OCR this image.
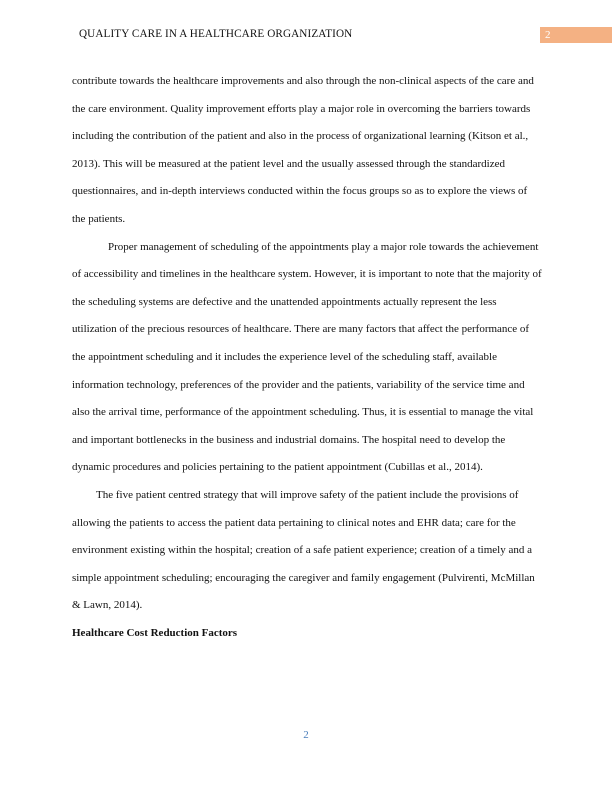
QUALITY CARE IN A HEALTHCARE ORGANIZATION	2

contribute towards the healthcare improvements and also through the non-clinical aspects of the care and the care environment. Quality improvement efforts play a major role in overcoming the barriers towards including the contribution of the patient and also in the process of organizational learning (Kitson et al., 2013). This will be measured at the patient level and the usually assessed through the standardized questionnaires, and in-depth interviews conducted within the focus groups so as to explore the views of the patients.

Proper management of scheduling of the appointments play a major role towards the achievement of accessibility and timelines in the healthcare system. However, it is important to note that the majority of the scheduling systems are defective and the unattended appointments actually represent the less utilization of the precious resources of healthcare. There are many factors that affect the performance of the appointment scheduling and it includes the experience level of the scheduling staff, available information technology, preferences of the provider and the patients, variability of the service time and also the arrival time, performance of the appointment scheduling. Thus, it is essential to manage the vital and important bottlenecks in the business and industrial domains. The hospital need to develop the dynamic procedures and policies pertaining to the patient appointment (Cubillas et al., 2014).

The five patient centred strategy that will improve safety of the patient include the provisions of allowing the patients to access the patient data pertaining to clinical notes and EHR data; care for the environment existing within the hospital; creation of a safe patient experience; creation of a timely and a simple appointment scheduling; encouraging the caregiver and family engagement (Pulvirenti, McMillan & Lawn, 2014).

Healthcare Cost Reduction Factors

2
